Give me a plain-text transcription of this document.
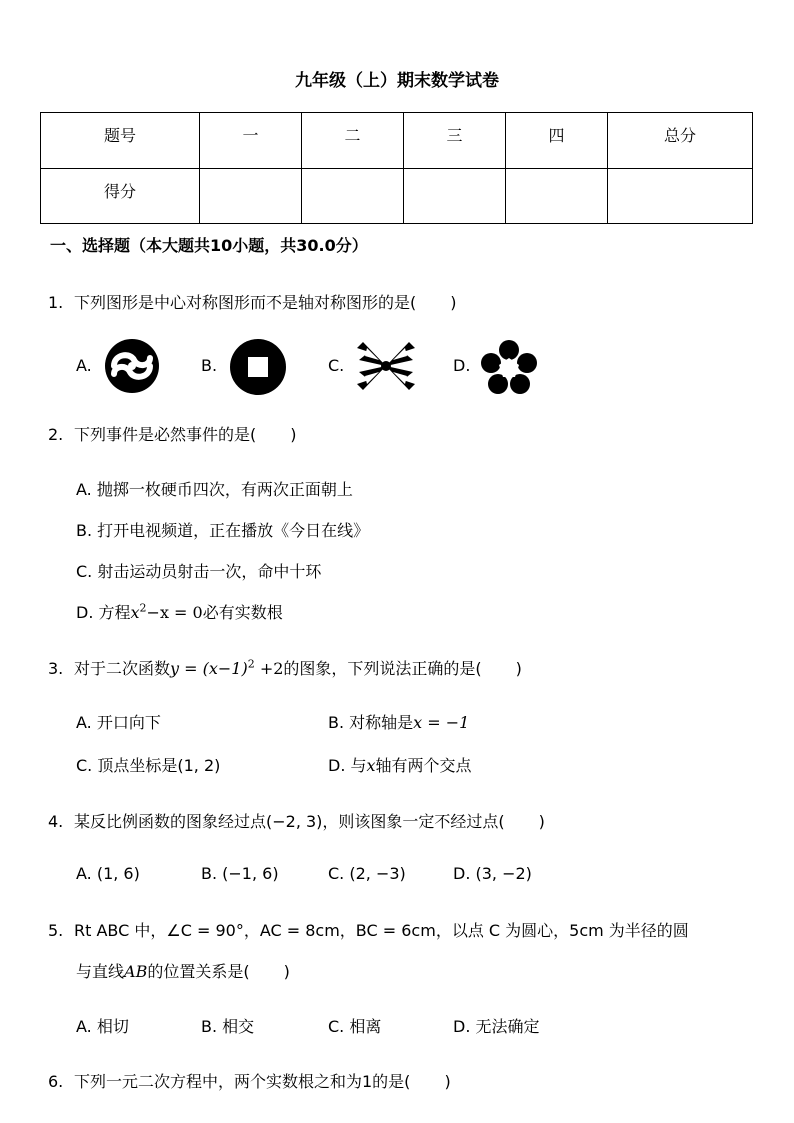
九年级（上）期末数学试卷
题号	一	二	三	四	总分
得分					
一、选择题（本大题共10小题，共30.0分）
1. 下列图形是中心对称图形而不是轴对称图形的是( )
A.	B.	C.	D.
2. 下列事件是必然事件的是( )
A. 抛掷一枚硬币四次，有两次正面朝上
B. 打开电视频道，正在播放《今日在线》
C. 射击运动员射击一次，命中十环
D. 方程$x^2-x = 0$必有实数根
3. 对于二次函数$y = (x-1)^2 +2$的图象，下列说法正确的是( )
A. 开口向下	B. 对称轴是x = −1
C. 顶点坐标是(1, 2)	D. 与x轴有两个交点
4. 某反比例函数的图象经过点(−2, 3)，则该图象一定不经过点( )
A. (1, 6)	B. (−1, 6)	C. (2, −3)	D. (3, −2)
5. Rt ABC 中，∠C = 90°，AC = 8cm，BC = 6cm，以点 C 为圆心，5cm 为半径的圆
与直线AB的位置关系是( )
A. 相切	B. 相交	C. 相离	D. 无法确定
6. 下列一元二次方程中，两个实数根之和为1的是( )
